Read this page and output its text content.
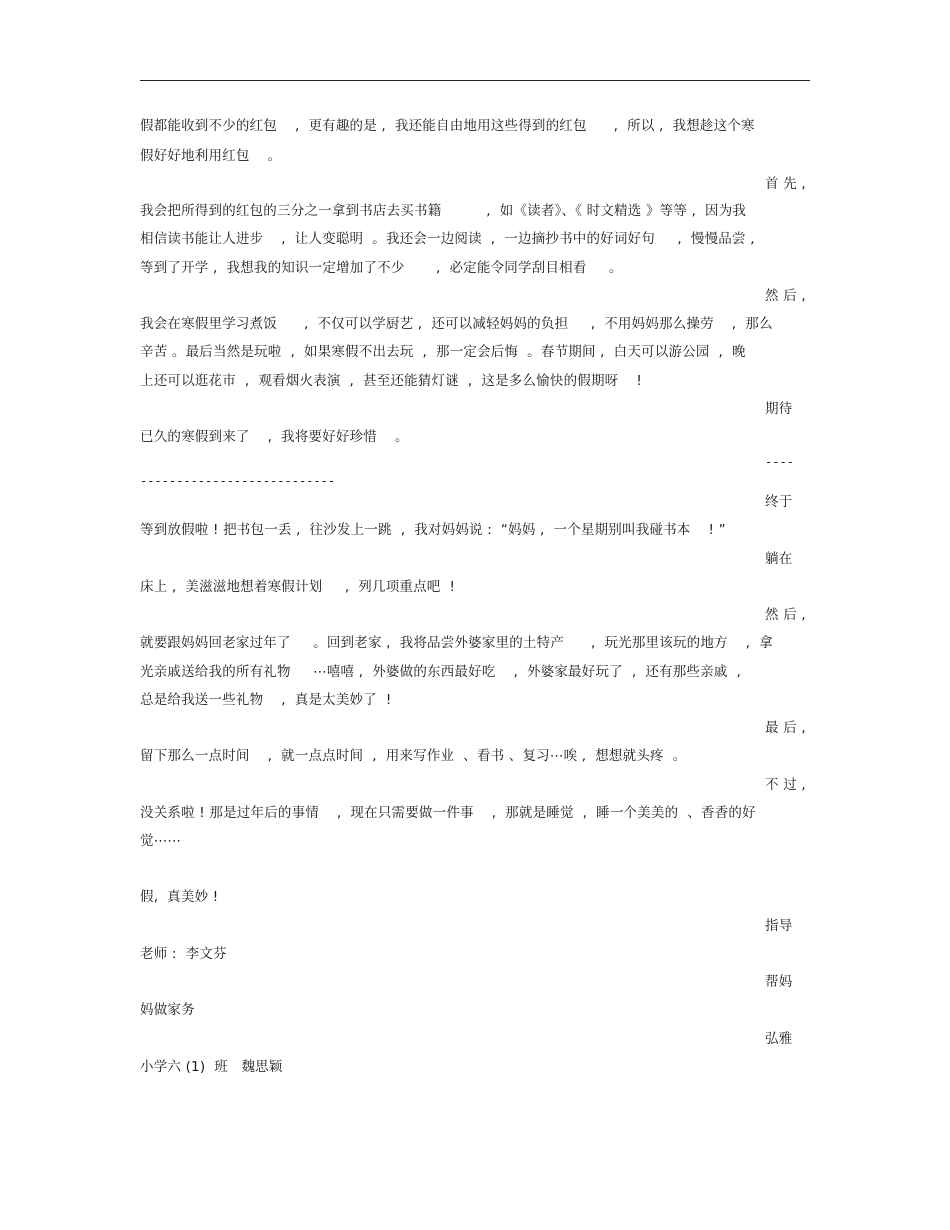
假都能收到不少的红包    ,  更有趣的是 ,  我还能自由地用这些得到的红包      ,  所以 ,  我想趁这个寒
假好好地利用红包    。
首 先 ,
我会把所得到的红包的三分之一拿到书店去买书籍          ,  如《读者》、《 时文精选 》等等 ,  因为我
相信读书能让人进步    ,  让人变聪明  。我还会一边阅读  ,  一边摘抄书中的好词好句     ,  慢慢品尝 ,
等到了开学 ,  我想我的知识一定增加了不少       ,  必定能令同学刮目相看     。
然 后 ,
我会在寒假里学习煮饭      ,  不仅可以学厨艺 ,  还可以减轻妈妈的负担     ,  不用妈妈那么操劳    ,  那么
辛苦 。最后当然是玩啦  ,  如果寒假不出去玩  ,  那一定会后悔  。春节期间 ,  白天可以游公园  ,  晚
上还可以逛花市  ,  观看烟火表演  ,  甚至还能猜灯谜  ,  这是多么愉快的假期呀    !
期待
已久的寒假到来了    ,  我将要好好珍惜    。
----
---------------------------
终于
等到放假啦 ! 把书包一丢 ,  往沙发上一跳  ,  我对妈妈说 :  “妈妈 ,  一个星期别叫我碰书本    ! ”
躺在
床上 ,  美滋滋地想着寒假计划     ,  列几项重点吧  !
然 后 ,
就要跟妈妈回老家过年了     。回到老家 ,  我将品尝外婆家里的土特产      ,  玩光那里该玩的地方    ,  拿
光亲戚送给我的所有礼物     ⋯嘻嘻 ,  外婆做的东西最好吃    ,  外婆家最好玩了  ,  还有那些亲戚  ,
总是给我送一些礼物    ,  真是太美妙了  !
最 后 ,
留下那么一点时间    ,  就一点点时间  ,  用来写作业  、看书 、复习⋯唉 ,  想想就头疼  。
不 过 ,
没关系啦 ! 那是过年后的事情    ,  现在只需要做一件事    ,  那就是睡觉  ,  睡一个美美的  、香香的好
觉⋯⋯
假,  真美妙 !
指导
老师 :  李文芬
帮妈
妈做家务
弘雅
小学六 (1)  班   魏思颖
